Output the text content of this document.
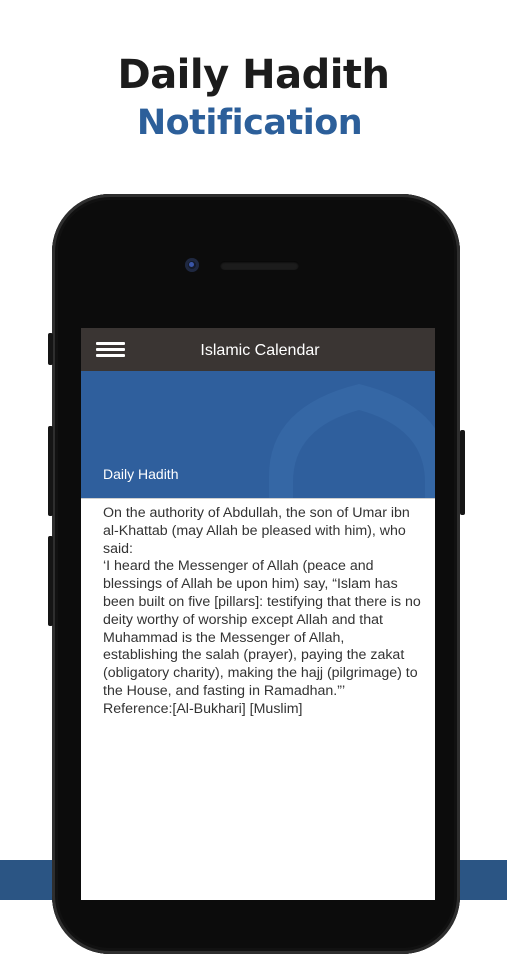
Daily Hadith
Notification
Islamic Calendar
Daily Hadith
On the authority of Abdullah, the son of Umar ibn al-Khattab (may Allah be pleased with him), who said:
‘I heard the Messenger of Allah (peace and blessings of Allah be upon him) say, “Islam has been built on five [pillars]: testifying that there is no deity worthy of worship except Allah and that Muhammad is the Messenger of Allah, establishing the salah (prayer), paying the zakat (obligatory charity), making the hajj (pilgrimage) to the House, and fasting in Ramadhan.”’
Reference:[Al-Bukhari] [Muslim]
